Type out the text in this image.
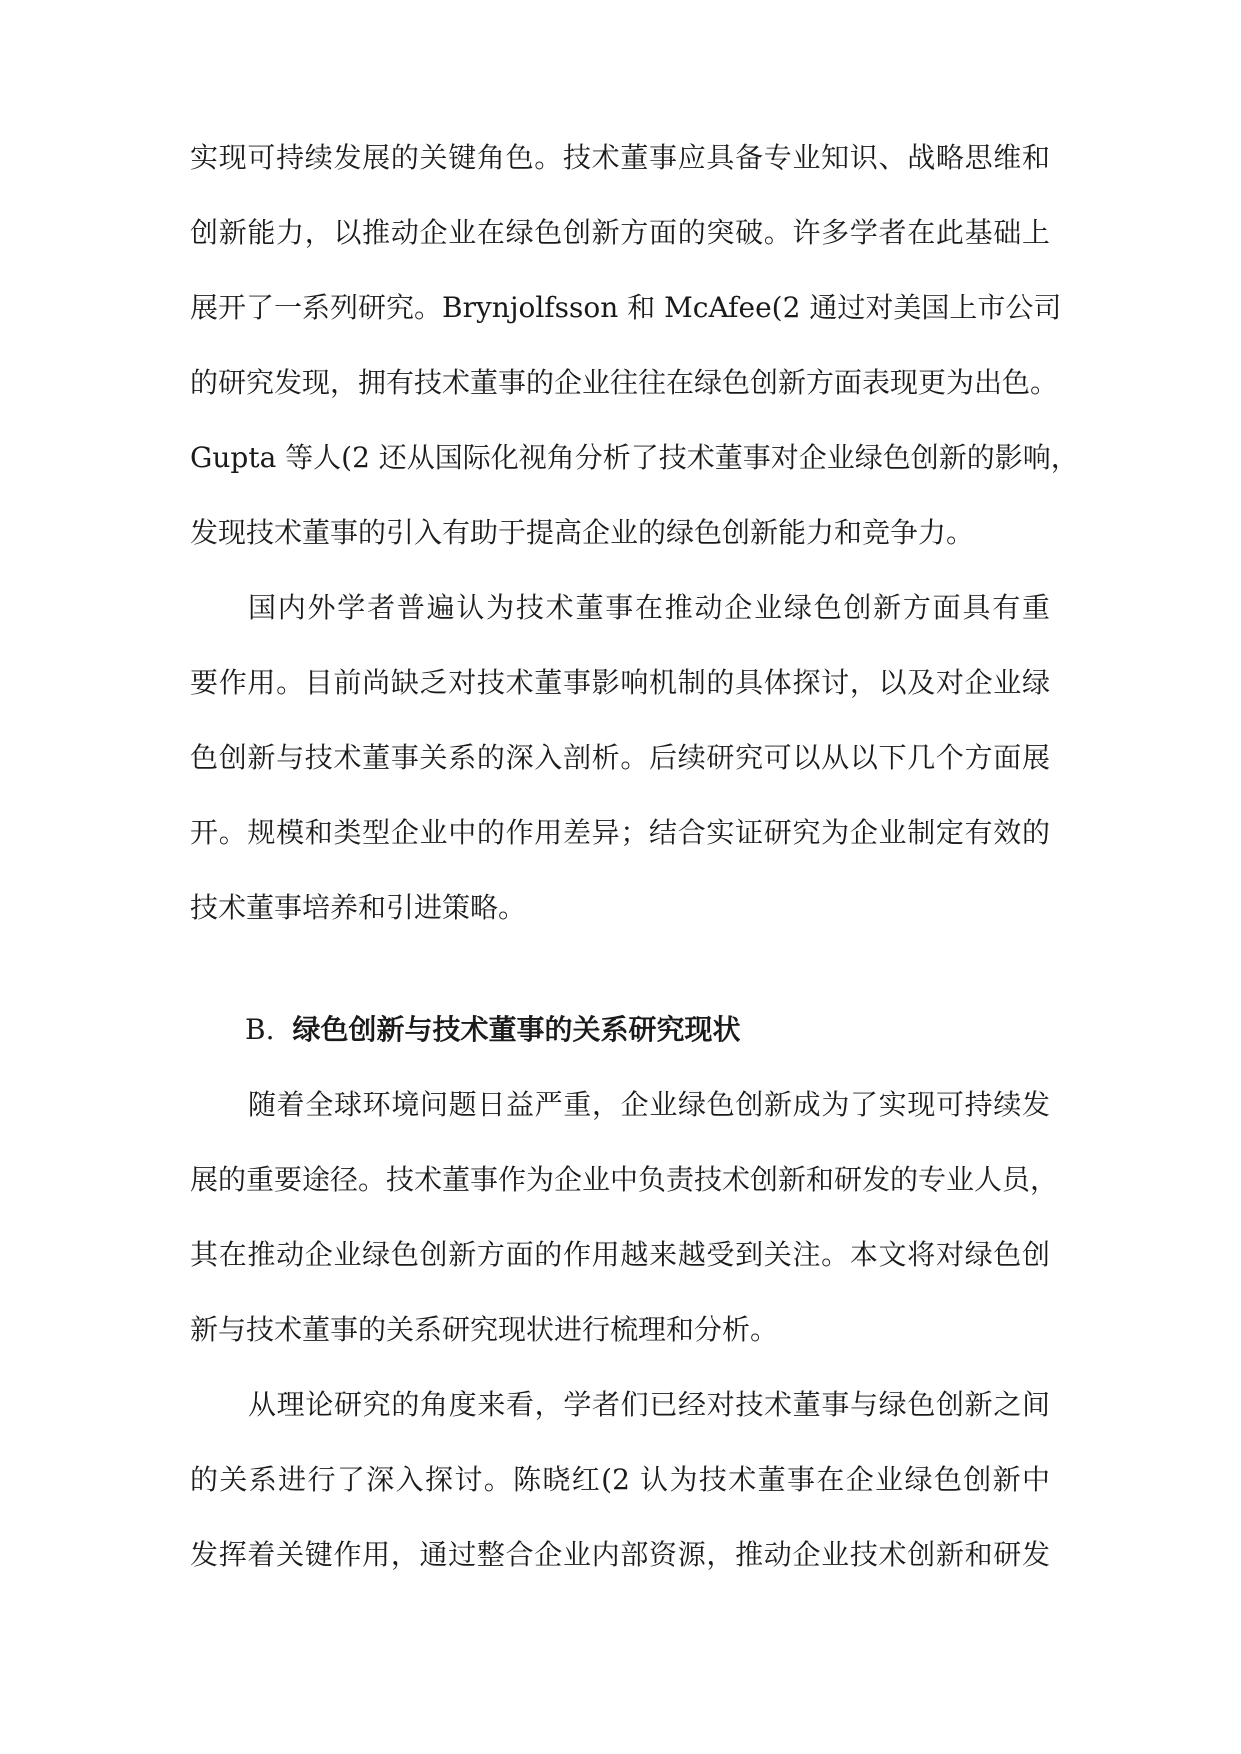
实现可持续发展的关键角色。技术董事应具备专业知识、战略思维和
创新能力，以推动企业在绿色创新方面的突破。许多学者在此基础上
展开了一系列研究。Brynjolfsson 和 McAfee(2 通过对美国上市公司
的研究发现，拥有技术董事的企业往往在绿色创新方面表现更为出色。
Gupta 等人(2 还从国际化视角分析了技术董事对企业绿色创新的影响，
发现技术董事的引入有助于提高企业的绿色创新能力和竞争力。
国内外学者普遍认为技术董事在推动企业绿色创新方面具有重
要作用。目前尚缺乏对技术董事影响机制的具体探讨，以及对企业绿
色创新与技术董事关系的深入剖析。后续研究可以从以下几个方面展
开。规模和类型企业中的作用差异；结合实证研究为企业制定有效的
技术董事培养和引进策略。
B. 绿色创新与技术董事的关系研究现状
随着全球环境问题日益严重，企业绿色创新成为了实现可持续发
展的重要途径。技术董事作为企业中负责技术创新和研发的专业人员，
其在推动企业绿色创新方面的作用越来越受到关注。本文将对绿色创
新与技术董事的关系研究现状进行梳理和分析。
从理论研究的角度来看，学者们已经对技术董事与绿色创新之间
的关系进行了深入探讨。陈晓红(2 认为技术董事在企业绿色创新中
发挥着关键作用，通过整合企业内部资源，推动企业技术创新和研发
